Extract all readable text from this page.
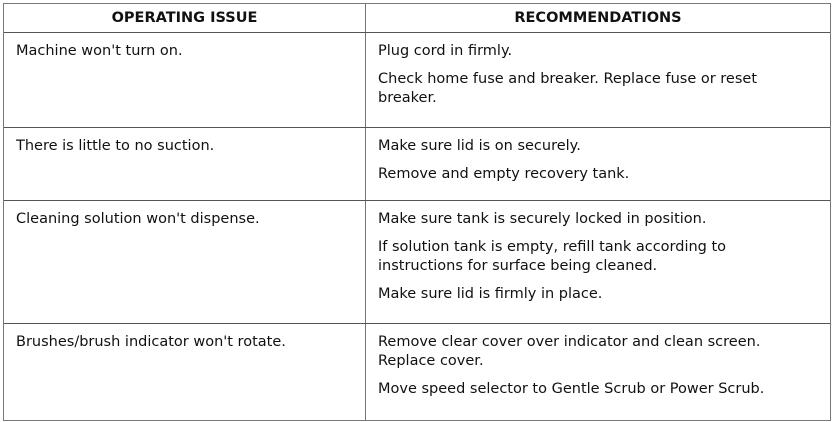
OPERATING ISSUE	RECOMMENDATIONS
Machine won't turn on.	Plug cord in firmly.
Check home fuse and breaker. Replace fuse or reset breaker.
There is little to no suction.	Make sure lid is on securely.
Remove and empty recovery tank.
Cleaning solution won't dispense.	Make sure tank is securely locked in position.
If solution tank is empty, refill tank according to instructions for surface being cleaned.
Make sure lid is firmly in place.
Brushes/brush indicator won't rotate.	Remove clear cover over indicator and clean screen. Replace cover.
Move speed selector to Gentle Scrub or Power Scrub.
